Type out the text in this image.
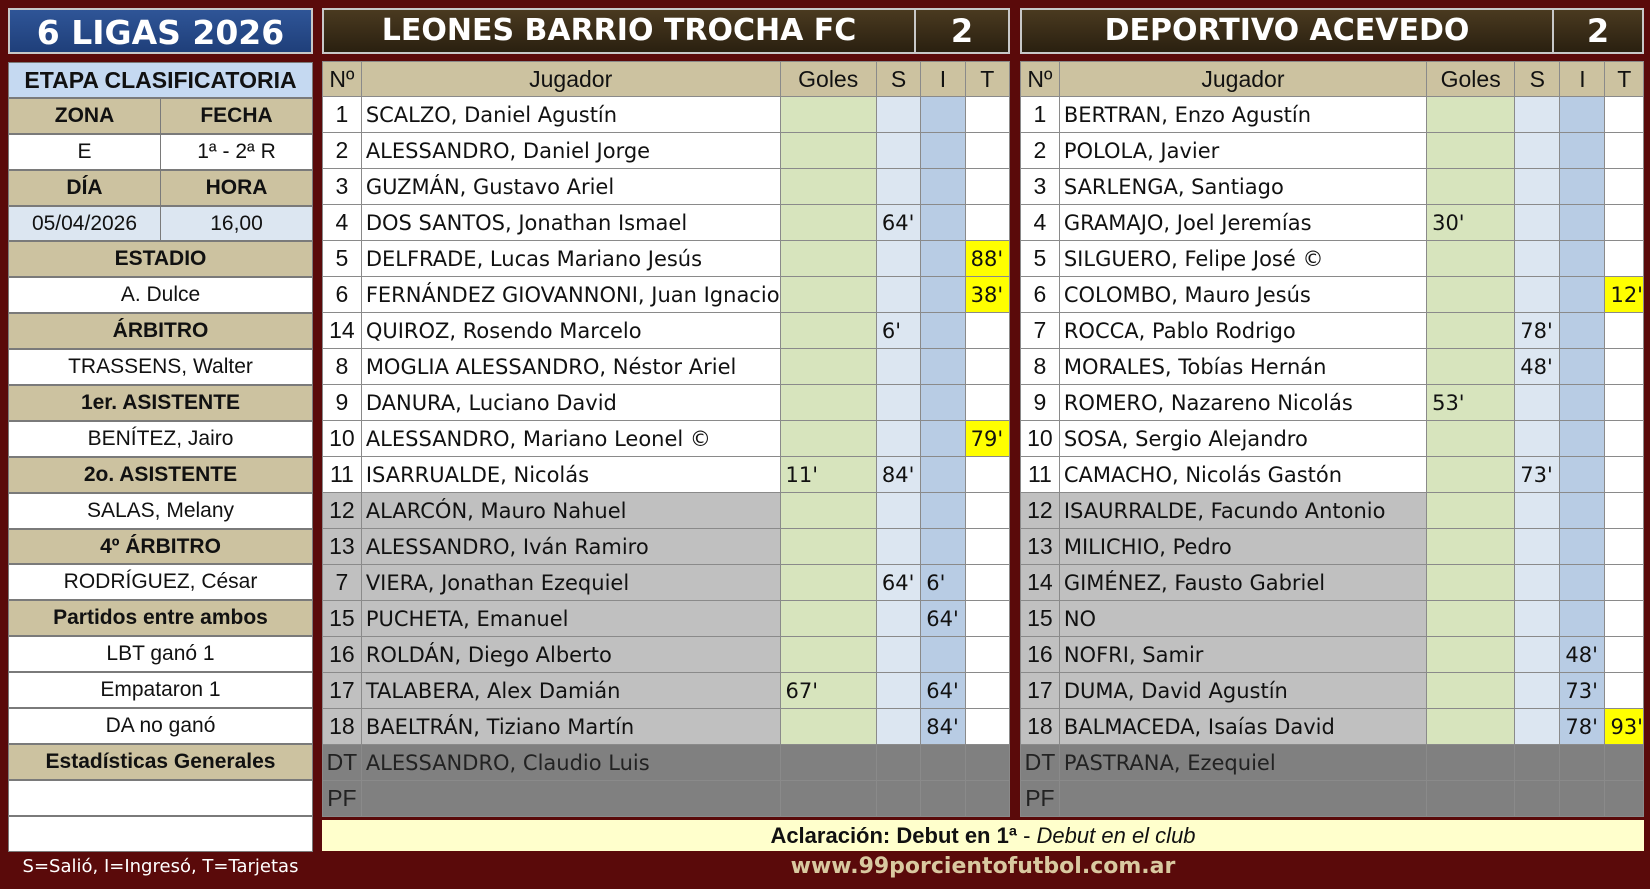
6 LIGAS 2026
ETAPA CLASIFICATORIA
ZONA	FECHA
E	1ª - 2ª R
DÍA	HORA
05/04/2026	16,00
ESTADIO
A. Dulce
ÁRBITRO
TRASSENS, Walter
1er. ASISTENTE
BENÍTEZ, Jairo
2o. ASISTENTE
SALAS, Melany
4º ÁRBITRO
RODRÍGUEZ, César
Partidos entre ambos
LBT ganó 1
Empataron 1
DA no ganó
Estadísticas Generales
S=Salió, I=Ingresó, T=Tarjetas
LEONES BARRIO TROCHA FC	2
Nº	Jugador	Goles	S	I	T
1	SCALZO, Daniel Agustín				
2	ALESSANDRO, Daniel Jorge				
3	GUZMÁN, Gustavo Ariel				
4	DOS SANTOS, Jonathan Ismael		64'		
5	DELFRADE, Lucas Mariano Jesús				88'
6	FERNÁNDEZ GIOVANNONI, Juan Ignacio				38'
14	QUIROZ, Rosendo Marcelo		6'		
8	MOGLIA ALESSANDRO, Néstor Ariel				
9	DANURA, Luciano David				
10	ALESSANDRO, Mariano Leonel ©				79'
11	ISARRUALDE, Nicolás	11'	84'		
12	ALARCÓN, Mauro Nahuel				
13	ALESSANDRO, Iván Ramiro				
7	VIERA, Jonathan Ezequiel		64'	6'	
15	PUCHETA, Emanuel			64'	
16	ROLDÁN, Diego Alberto				
17	TALABERA, Alex Damián	67'		64'	
18	BAELTRÁN, Tiziano Martín			84'	
DT	ALESSANDRO, Claudio Luis				
PF					
DEPORTIVO ACEVEDO	2
Nº	Jugador	Goles	S	I	T
1	BERTRAN, Enzo Agustín				
2	POLOLA, Javier				
3	SARLENGA, Santiago				
4	GRAMAJO, Joel Jeremías	30'			
5	SILGUERO, Felipe José ©				
6	COLOMBO, Mauro Jesús				12'
7	ROCCA, Pablo Rodrigo		78'		
8	MORALES, Tobías Hernán		48'		
9	ROMERO, Nazareno Nicolás	53'			
10	SOSA, Sergio Alejandro				
11	CAMACHO, Nicolás Gastón		73'		
12	ISAURRALDE, Facundo Antonio				
13	MILICHIO, Pedro				
14	GIMÉNEZ, Fausto Gabriel				
15	NO				
16	NOFRI, Samir			48'	
17	DUMA, David Agustín			73'	
18	BALMACEDA, Isaías David			78'	93'
DT	PASTRANA, Ezequiel				
PF					
Aclaración: Debut en 1ª - Debut en el club
www.99porcientofutbol.com.ar
